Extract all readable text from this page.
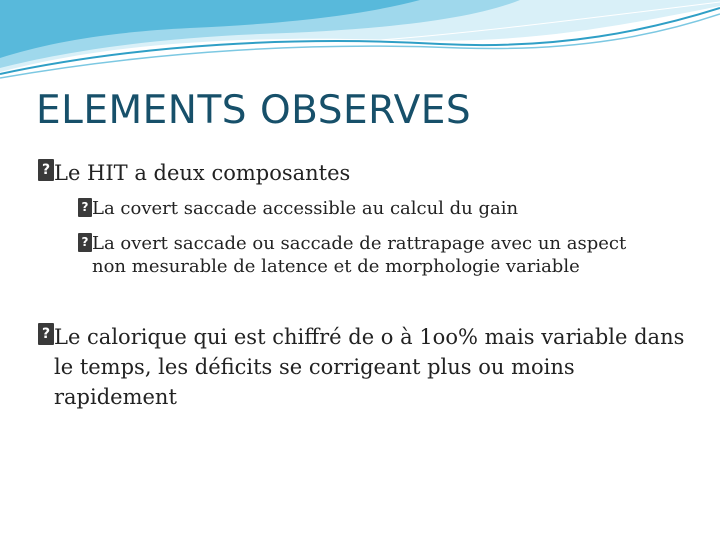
ELEMENTS OBSERVES
? Le HIT a deux composantes
? La covert saccade accessible au calcul du gain
? La overt saccade ou saccade de rattrapage avec un aspect non mesurable de latence et de morphologie variable
? Le calorique qui est chiffré de o à 1oo% mais variable dans le temps, les déficits se corrigeant plus ou moins rapidement
